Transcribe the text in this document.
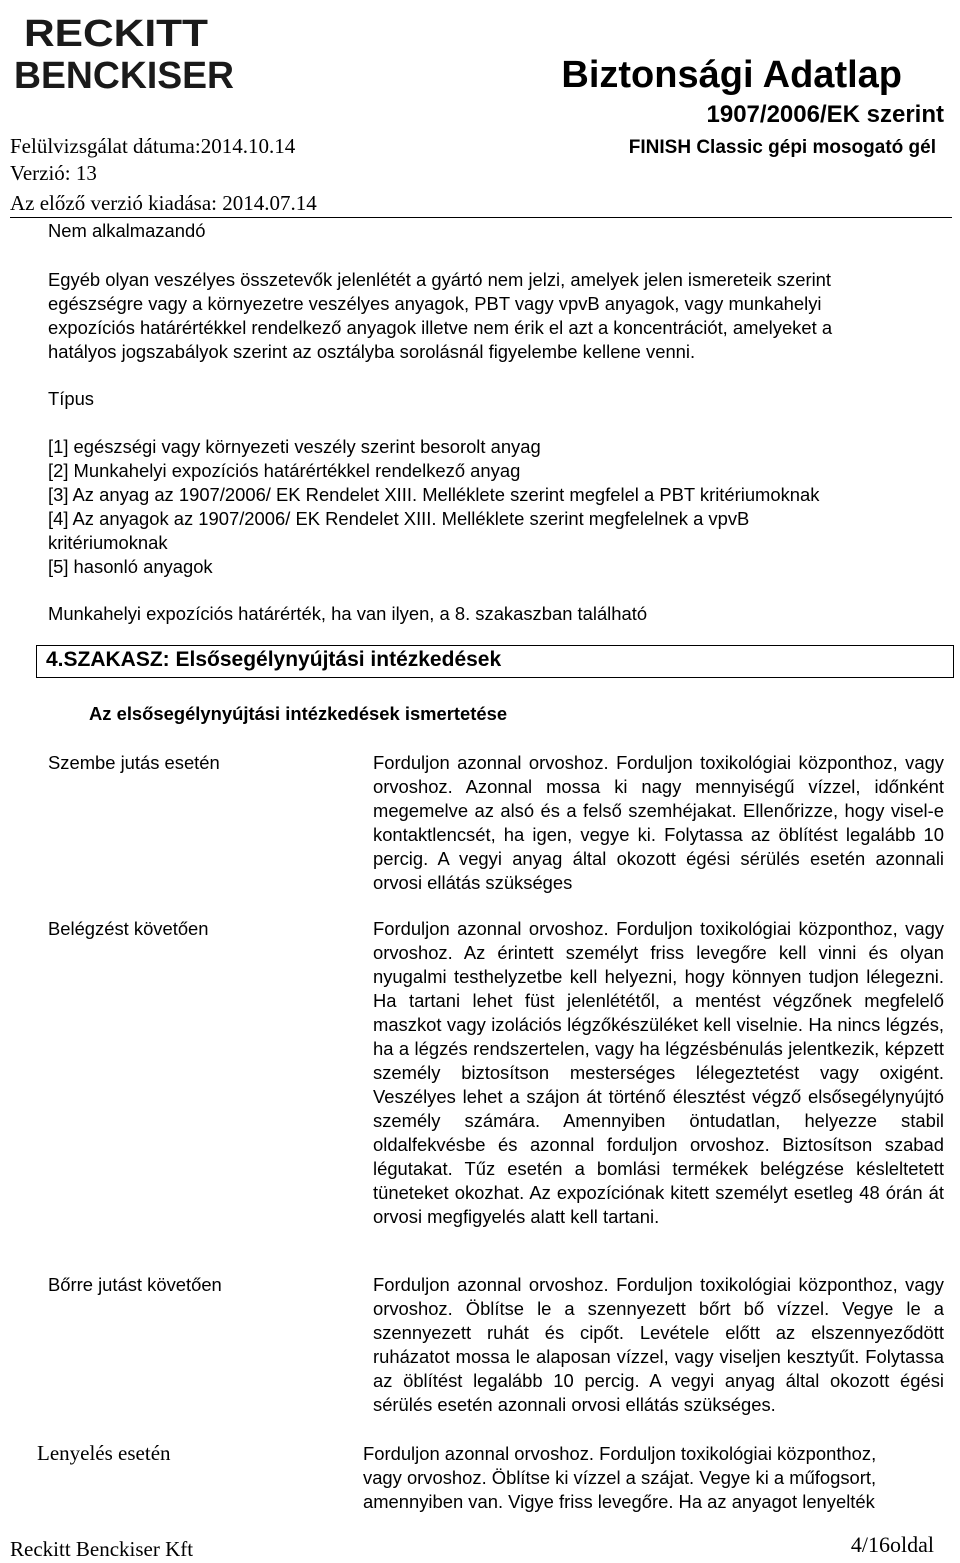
RECKITT
BENCKISER	Biztonsági Adatlap
1907/2006/EK szerint
FINISH Classic gépi mosogató gél
Felülvizsgálat dátuma:2014.10.14
Verzió: 13
Az előző verzió kiadása: 2014.07.14
Nem alkalmazandó
Egyéb olyan veszélyes összetevők jelenlétét a gyártó nem jelzi, amelyek jelen ismereteik szerint
egészségre vagy a környezetre veszélyes anyagok, PBT vagy vpvB anyagok, vagy munkahelyi
expozíciós határértékkel rendelkező anyagok illetve nem érik el azt a koncentrációt, amelyeket a
hatályos jogszabályok szerint az osztályba sorolásnál figyelembe kellene venni.
Típus
[1] egészségi vagy környezeti veszély szerint besorolt anyag
[2] Munkahelyi expozíciós határértékkel rendelkező anyag
[3] Az anyag az 1907/2006/ EK Rendelet XIII. Melléklete szerint megfelel a PBT kritériumoknak
[4] Az anyagok az 1907/2006/ EK Rendelet XIII. Melléklete szerint megfelelnek a vpvB
kritériumoknak
[5] hasonló anyagok
Munkahelyi expozíciós határérték, ha van ilyen, a 8. szakaszban található
4.SZAKASZ: Elsősegélynyújtási intézkedések
Az elsősegélynyújtási intézkedések ismertetése
Szembe jutás esetén	Forduljon azonnal orvoshoz. Forduljon toxikológiai központhoz, vagy orvoshoz. Azonnal mossa ki nagy mennyiségű vízzel, időnként megemelve az alsó és a felső szemhéjakat. Ellenőrizze, hogy visel-e kontaktlencsét, ha igen, vegye ki. Folytassa az öblítést legalább 10 percig. A vegyi anyag által okozott égési sérülés esetén azonnali orvosi ellátás szükséges
Belégzést követően	Forduljon azonnal orvoshoz. Forduljon toxikológiai központhoz, vagy orvoshoz. Az érintett személyt friss levegőre kell vinni és olyan nyugalmi testhelyzetbe kell helyezni, hogy könnyen tudjon lélegezni. Ha tartani lehet füst jelenlététől, a mentést végzőnek megfelelő maszkot vagy izolációs légzőkészüléket kell viselnie. Ha nincs légzés, ha a légzés rendszertelen, vagy ha légzésbénulás jelentkezik, képzett személy biztosítson mesterséges lélegeztetést vagy oxigént. Veszélyes lehet a szájon át történő élesztést végző elsősegélynyújtó személy számára. Amennyiben öntudatlan, helyezze stabil oldalfekvésbe és azonnal forduljon orvoshoz. Biztosítson szabad légutakat. Tűz esetén a bomlási termékek belégzése késleltetett tüneteket okozhat. Az expozíciónak kitett személyt esetleg 48 órán át orvosi megfigyelés alatt kell tartani.
Bőrre jutást követően	Forduljon azonnal orvoshoz. Forduljon toxikológiai központhoz, vagy orvoshoz. Öblítse le a szennyezett bőrt bő vízzel. Vegye le a szennyezett ruhát és cipőt. Levétele előtt az elszennyeződött ruházatot mossa le alaposan vízzel, vagy viseljen kesztyűt. Folytassa az öblítést legalább 10 percig. A vegyi anyag által okozott égési sérülés esetén azonnali orvosi ellátás szükséges.
Lenyelés esetén	Forduljon azonnal orvoshoz. Forduljon toxikológiai központhoz,
vagy orvoshoz. Öblítse ki vízzel a szájat. Vegye ki a műfogsort,
amennyiben van. Vigye friss levegőre. Ha az anyagot lenyelték
Reckitt Benckiser Kft	4/16oldal
